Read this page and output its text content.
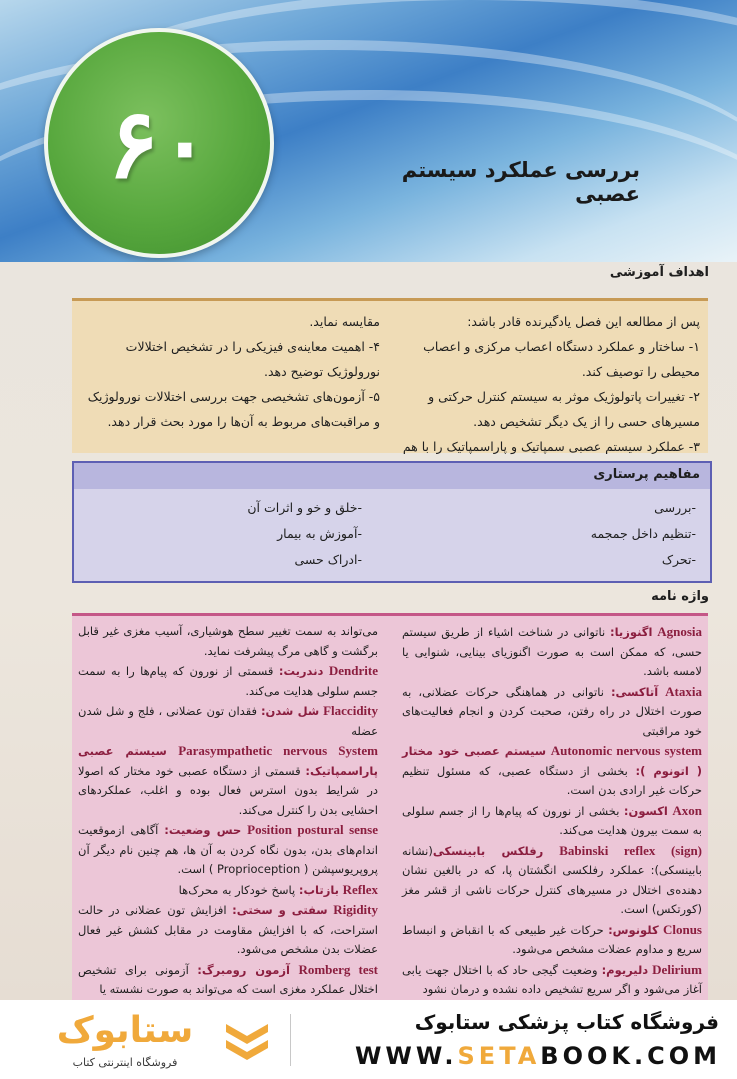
۶۰	بررسی عملکرد سیستم عصبی
اهداف آموزشی
پس از مطالعه این فصل یادگیرنده قادر باشد:
۱- ساختار و عملکرد دستگاه اعصاب مرکزی و اعصاب
محیطی را توصیف کند.
۲- تغییرات پاتولوژیک موثر به سیستم کنترل حرکتی و
مسیرهای حسی را از یک دیگر تشخیص دهد.
۳- عملکرد سیستم عصبی سمپاتیک و پاراسمپاتیک را با هم
مقایسه نماید.
۴- اهمیت معاینه‌ی فیزیکی را در تشخیص اختلالات
نورولوژیک توضیح دهد.
۵- آزمون‌های تشخیصی جهت بررسی اختلالات نورولوژیک
و مراقبت‌های مربوط به آن‌ها را مورد بحث قرار دهد.
مفاهیم پرستاری
-بررسی
-تنظیم داخل جمجمه
-تحرک
-خلق و خو و اثرات آن
-آموزش به بیمار
-ادراک حسی
واژه نامه

Agnosia اگنوزیا: ناتوانی در شناخت اشیاء از طریق سیستم حسی، که ممکن است به صورت اگنوزیای بینایی، شنوایی یا لامسه باشد.

Ataxia آتاکسی: ناتوانی در هماهنگی حرکات عضلانی، به صورت اختلال در راه رفتن، صحبت کردن و انجام فعالیت‌های خود مراقبتی

Autonomic nervous system سیستم عصبی خود مختار ( اتونوم ): بخشی از دستگاه عصبی، که مسئول تنظیم حرکات غیر ارادی بدن است.

Axon اکسون: بخشی از نورون که پیام‌ها را از جسم سلولی به سمت بیرون هدایت می‌کند.

Babinski reflex (sign) رفلکس بابینسکی(نشانه بابینسکی): عملکرد رفلکسی انگشتان پا، که در بالغین نشان دهنده‌ی اختلال در مسیرهای کنترل حرکات ناشی از قشر مغز (کورتکس) است.

Clonus کلونوس: حرکات غیر طبیعی که با انقباض و انبساط سریع و مداوم عضلات مشخص می‌شود.

Delirium دلیریوم: وضعیت گیجی حاد که با اختلال جهت یابی آغاز می‌شود و اگر سریع تشخیص داده نشده و درمان نشود

می‌تواند به سمت تغییر سطح هوشیاری، آسیب مغزی غیر قابل برگشت و گاهی مرگ پیشرفت نماید.

Dendrite دندریت: قسمتی از نورون که پیام‌ها را به سمت جسم سلولی هدایت می‌کند.

Flaccidity شل شدن: فقدان تون عضلانی ، فلج و شل شدن عضله

Parasympathetic nervous System سیستم عصبی پاراسمپاتیک: قسمتی از دستگاه عصبی خود مختار که اصولا در شرایط بدون استرس فعال بوده و اغلب، عملکردهای احشایی بدن را کنترل می‌کند.

Position postural sense حس وضعیت: آگاهی ازموقعیت اندام‌های بدن، بدون نگاه کردن به آن ها، هم چنین نام دیگر آن پروپریوسپشن ( Proprioception ) است.

Reflex بازتاب: پاسخ خودکار به محرک‌ها

Rigidity سفتی و سختی: افزایش تون عضلانی در حالت استراحت، که با افزایش مقاومت در مقابل کشش غیر فعال عضلات بدن مشخص می‌شود.

Romberg test آزمون رومبرگ: آزمونی برای تشخیص اختلال عملکرد مغزی است که می‌تواند به صورت نشسته یا

ستابوک
فروشگاه اینترنتی کتاب
فروشگاه کتاب پزشکی ستابوک
WWW.SETABOOK.COM
